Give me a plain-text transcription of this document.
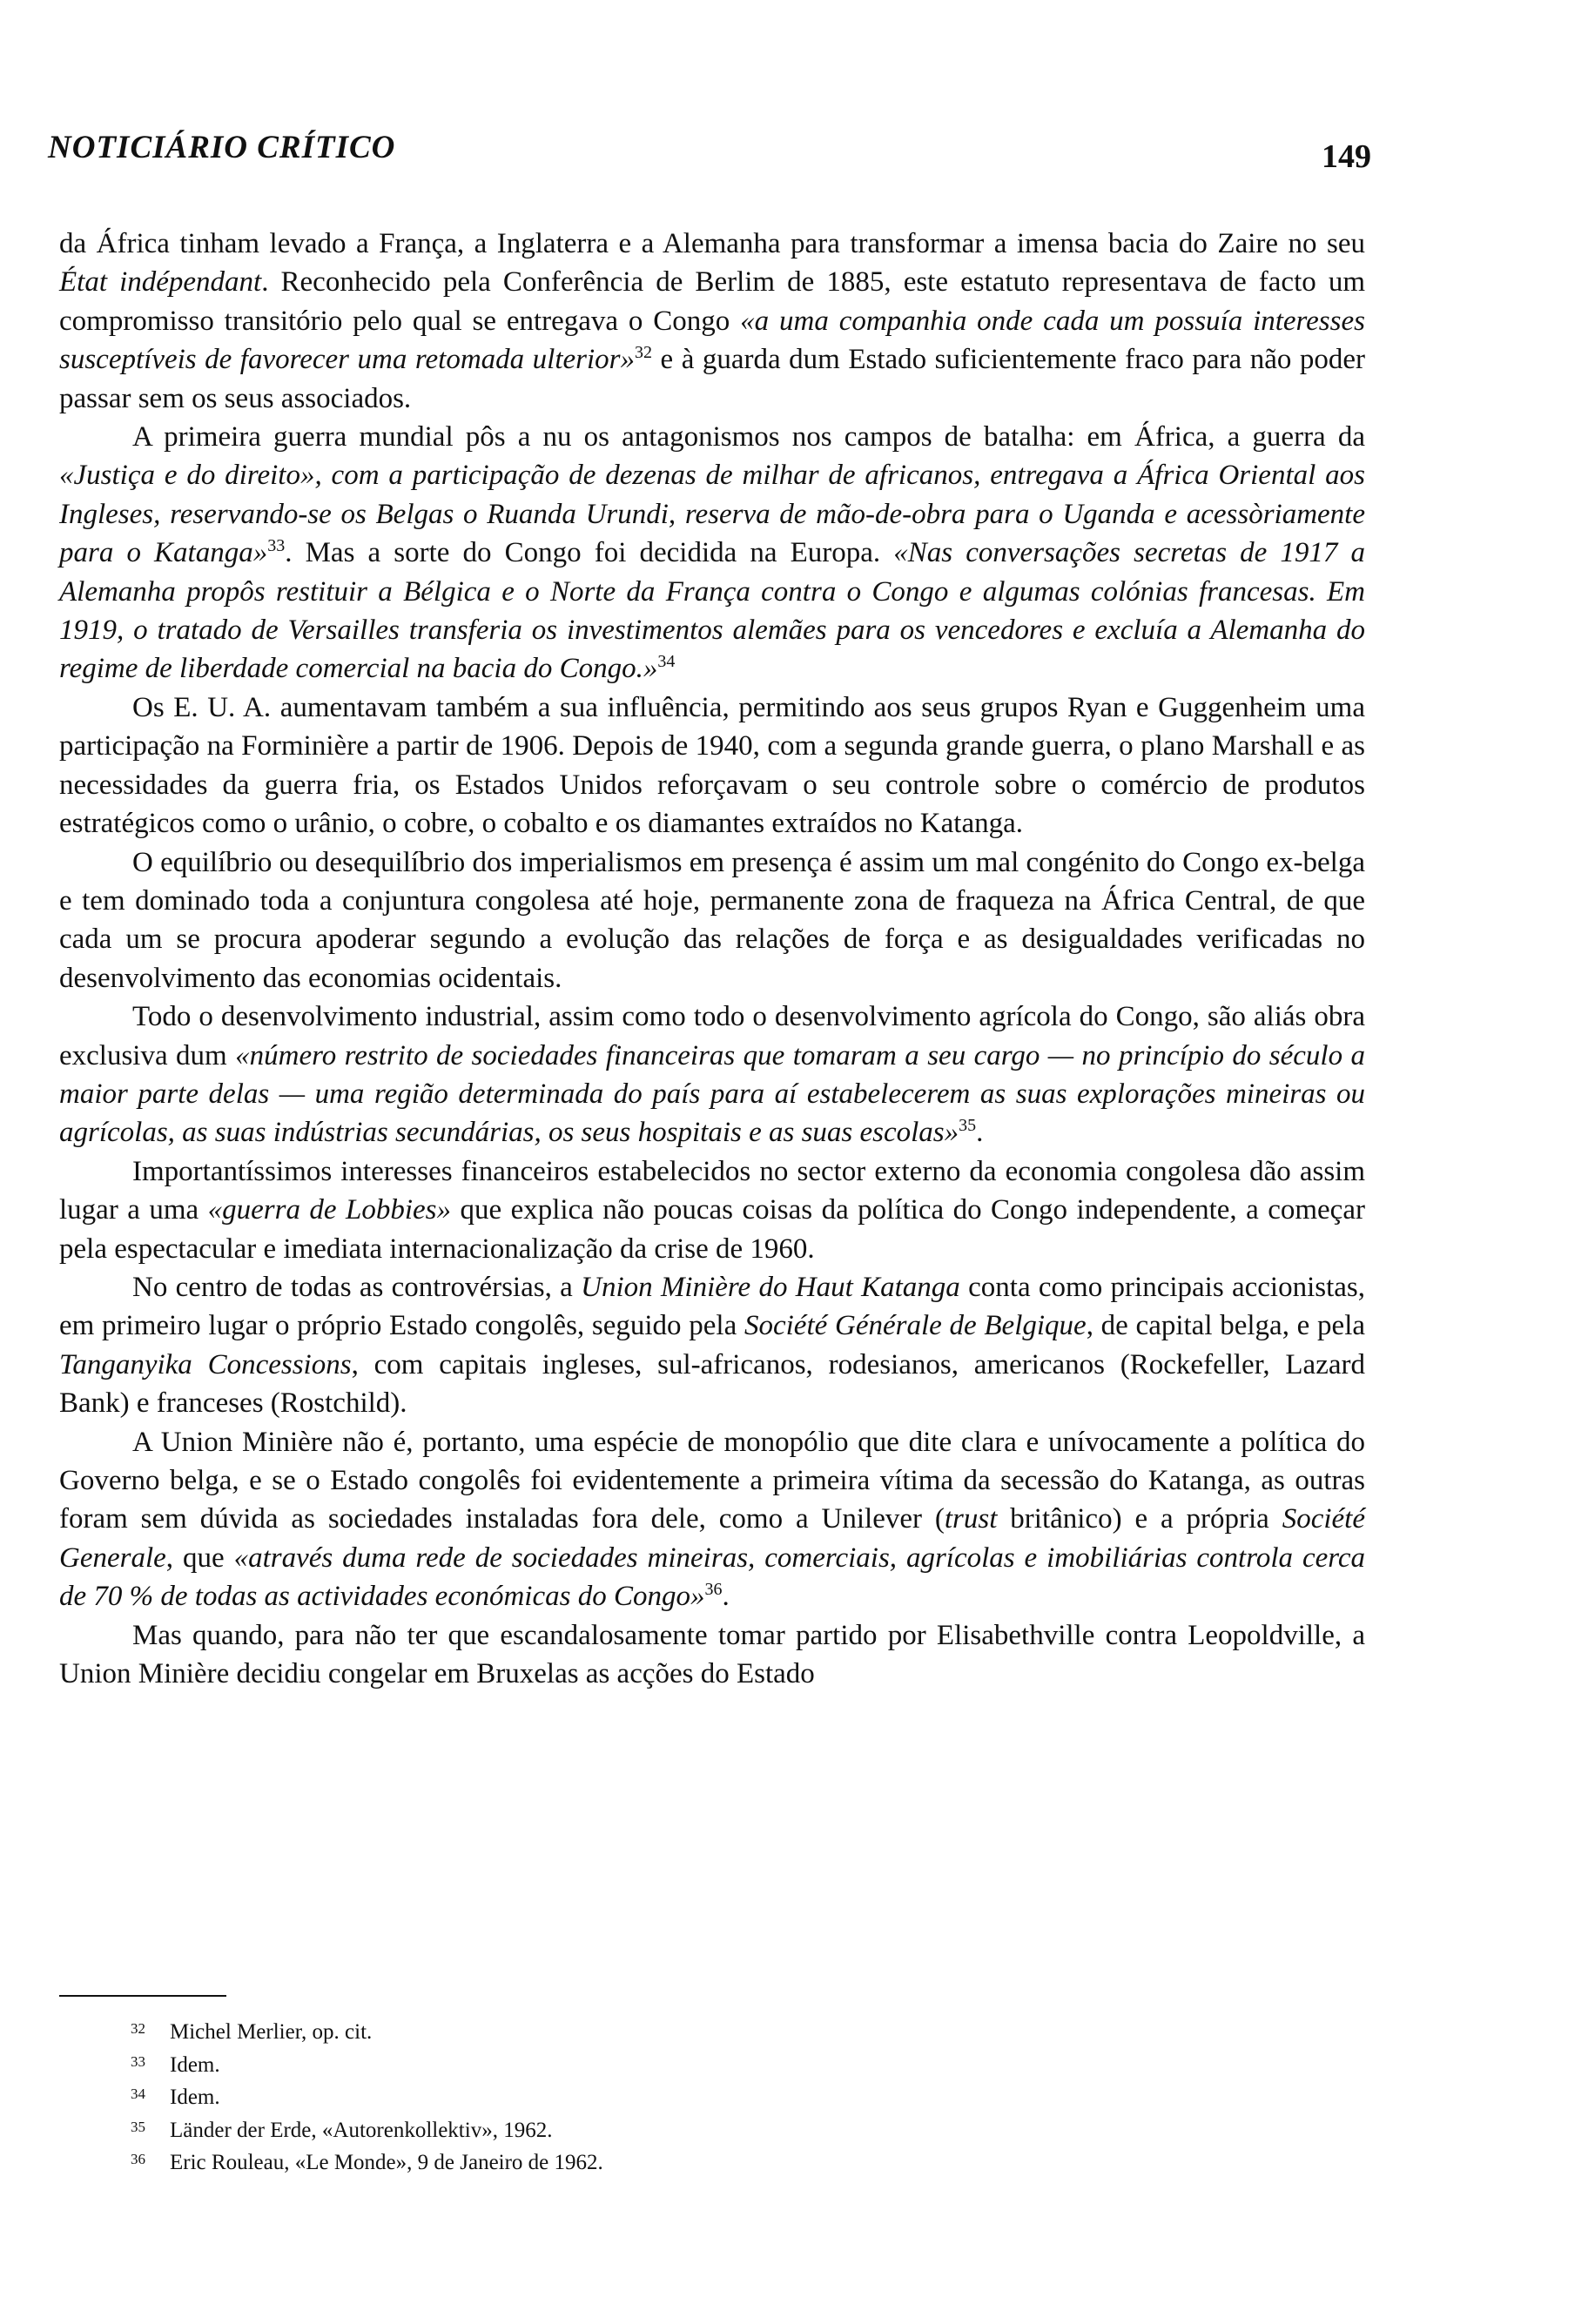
NOTICIÁRIO CRÍTICO	149

da África tinham levado a França, a Inglaterra e a Alemanha para transformar a imensa bacia do Zaire no seu État indépendant. Reconhecido pela Conferência de Berlim de 1885, este estatuto representava de facto um compromisso transitório pelo qual se entregava o Congo «a uma companhia onde cada um possuía interesses susceptíveis de favorecer uma retomada ulterior»$^{32}$ e à guarda dum Estado suficientemente fraco para não poder passar sem os seus associados.

A primeira guerra mundial pôs a nu os antagonismos nos campos de batalha: em África, a guerra da «Justiça e do direito», com a participação de dezenas de milhar de africanos, entregava a África Oriental aos Ingleses, reservando-se os Belgas o Ruanda Urundi, reserva de mão-de-obra para o Uganda e acessòriamente para o Katanga»$^{33}$. Mas a sorte do Congo foi decidida na Europa. «Nas conversações secretas de 1917 a Alemanha propôs restituir a Bélgica e o Norte da França contra o Congo e algumas colónias francesas. Em 1919, o tratado de Versailles transferia os investimentos alemães para os vencedores e excluía a Alemanha do regime de liberdade comercial na bacia do Congo.»$^{34}$

Os E. U. A. aumentavam também a sua influência, permitindo aos seus grupos Ryan e Guggenheim uma participação na Forminière a partir de 1906. Depois de 1940, com a segunda grande guerra, o plano Marshall e as necessidades da guerra fria, os Estados Unidos reforçavam o seu controle sobre o comércio de produtos estratégicos como o urânio, o cobre, o cobalto e os diamantes extraídos no Katanga.

O equilíbrio ou desequilíbrio dos imperialismos em presença é assim um mal congénito do Congo ex-belga e tem dominado toda a conjuntura congolesa até hoje, permanente zona de fraqueza na África Central, de que cada um se procura apoderar segundo a evolução das relações de força e as desigualdades verificadas no desenvolvimento das economias ocidentais.

Todo o desenvolvimento industrial, assim como todo o desenvolvimento agrícola do Congo, são aliás obra exclusiva dum «número restrito de sociedades financeiras que tomaram a seu cargo — no princípio do século a maior parte delas — uma região determinada do país para aí estabelecerem as suas explorações mineiras ou agrícolas, as suas indústrias secundárias, os seus hospitais e as suas escolas»$^{35}$.

Importantíssimos interesses financeiros estabelecidos no sector externo da economia congolesa dão assim lugar a uma «guerra de Lobbies» que explica não poucas coisas da política do Congo independente, a começar pela espectacular e imediata internacionalização da crise de 1960.

No centro de todas as controvérsias, a Union Minière do Haut Katanga conta como principais accionistas, em primeiro lugar o próprio Estado congolês, seguido pela Société Générale de Belgique, de capital belga, e pela Tanganyika Concessions, com capitais ingleses, sul-africanos, rodesianos, americanos (Rockefeller, Lazard Bank) e franceses (Rostchild).

A Union Minière não é, portanto, uma espécie de monopólio que dite clara e unívocamente a política do Governo belga, e se o Estado congolês foi evidentemente a primeira vítima da secessão do Katanga, as outras foram sem dúvida as sociedades instaladas fora dele, como a Unilever (trust britânico) e a própria Société Generale, que «através duma rede de sociedades mineiras, comerciais, agrícolas e imobiliárias controla cerca de 70 % de todas as actividades económicas do Congo»$^{36}$.

Mas quando, para não ter que escandalosamente tomar partido por Elisabethville contra Leopoldville, a Union Minière decidiu congelar em Bruxelas as acções do Estado

32 Michel Merlier, op. cit.

33 Idem.

34 Idem.

35 Länder der Erde, «Autorenkollektiv», 1962.

36 Eric Rouleau, «Le Monde», 9 de Janeiro de 1962.
